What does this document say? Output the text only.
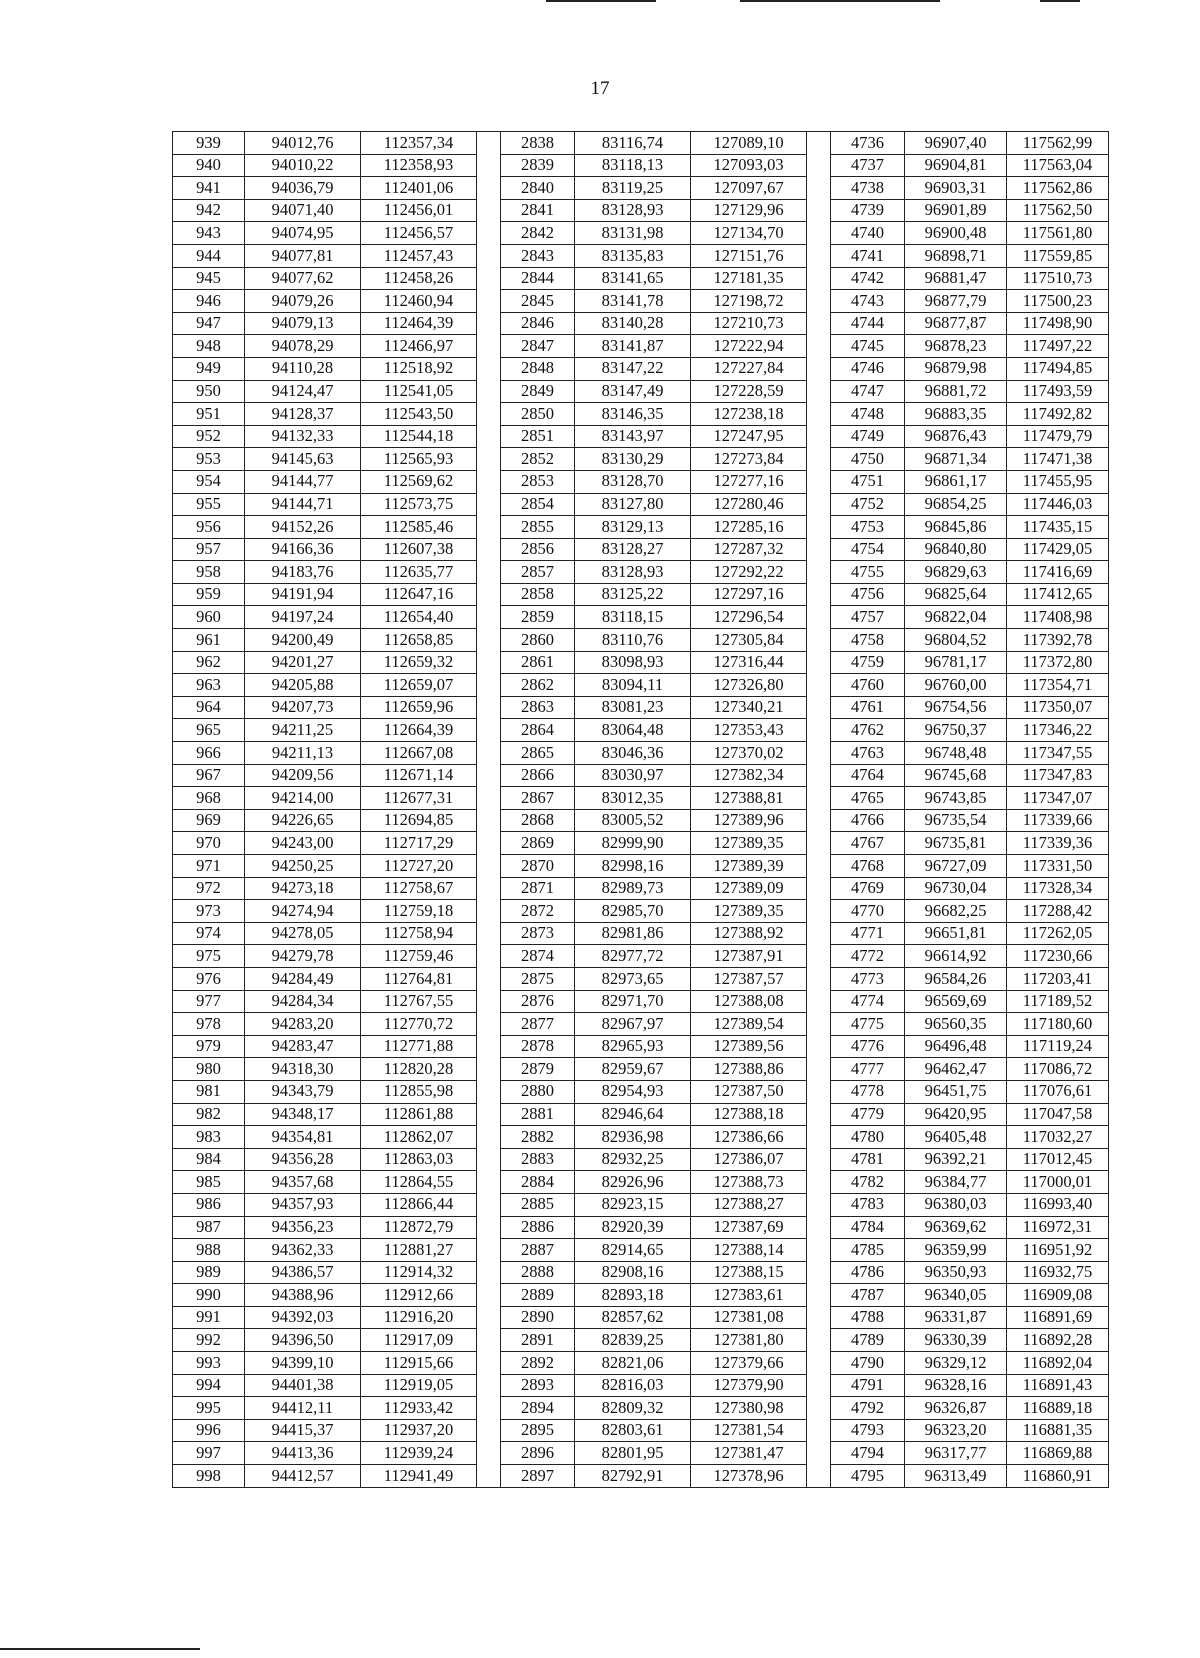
17
939	94012,76	112357,34		2838	83116,74	127089,10		4736	96907,40	117562,99
940	94010,22	112358,93		2839	83118,13	127093,03		4737	96904,81	117563,04
941	94036,79	112401,06		2840	83119,25	127097,67		4738	96903,31	117562,86
942	94071,40	112456,01		2841	83128,93	127129,96		4739	96901,89	117562,50
943	94074,95	112456,57		2842	83131,98	127134,70		4740	96900,48	117561,80
944	94077,81	112457,43		2843	83135,83	127151,76		4741	96898,71	117559,85
945	94077,62	112458,26		2844	83141,65	127181,35		4742	96881,47	117510,73
946	94079,26	112460,94		2845	83141,78	127198,72		4743	96877,79	117500,23
947	94079,13	112464,39		2846	83140,28	127210,73		4744	96877,87	117498,90
948	94078,29	112466,97		2847	83141,87	127222,94		4745	96878,23	117497,22
949	94110,28	112518,92		2848	83147,22	127227,84		4746	96879,98	117494,85
950	94124,47	112541,05		2849	83147,49	127228,59		4747	96881,72	117493,59
951	94128,37	112543,50		2850	83146,35	127238,18		4748	96883,35	117492,82
952	94132,33	112544,18		2851	83143,97	127247,95		4749	96876,43	117479,79
953	94145,63	112565,93		2852	83130,29	127273,84		4750	96871,34	117471,38
954	94144,77	112569,62		2853	83128,70	127277,16		4751	96861,17	117455,95
955	94144,71	112573,75		2854	83127,80	127280,46		4752	96854,25	117446,03
956	94152,26	112585,46		2855	83129,13	127285,16		4753	96845,86	117435,15
957	94166,36	112607,38		2856	83128,27	127287,32		4754	96840,80	117429,05
958	94183,76	112635,77		2857	83128,93	127292,22		4755	96829,63	117416,69
959	94191,94	112647,16		2858	83125,22	127297,16		4756	96825,64	117412,65
960	94197,24	112654,40		2859	83118,15	127296,54		4757	96822,04	117408,98
961	94200,49	112658,85		2860	83110,76	127305,84		4758	96804,52	117392,78
962	94201,27	112659,32		2861	83098,93	127316,44		4759	96781,17	117372,80
963	94205,88	112659,07		2862	83094,11	127326,80		4760	96760,00	117354,71
964	94207,73	112659,96		2863	83081,23	127340,21		4761	96754,56	117350,07
965	94211,25	112664,39		2864	83064,48	127353,43		4762	96750,37	117346,22
966	94211,13	112667,08		2865	83046,36	127370,02		4763	96748,48	117347,55
967	94209,56	112671,14		2866	83030,97	127382,34		4764	96745,68	117347,83
968	94214,00	112677,31		2867	83012,35	127388,81		4765	96743,85	117347,07
969	94226,65	112694,85		2868	83005,52	127389,96		4766	96735,54	117339,66
970	94243,00	112717,29		2869	82999,90	127389,35		4767	96735,81	117339,36
971	94250,25	112727,20		2870	82998,16	127389,39		4768	96727,09	117331,50
972	94273,18	112758,67		2871	82989,73	127389,09		4769	96730,04	117328,34
973	94274,94	112759,18		2872	82985,70	127389,35		4770	96682,25	117288,42
974	94278,05	112758,94		2873	82981,86	127388,92		4771	96651,81	117262,05
975	94279,78	112759,46		2874	82977,72	127387,91		4772	96614,92	117230,66
976	94284,49	112764,81		2875	82973,65	127387,57		4773	96584,26	117203,41
977	94284,34	112767,55		2876	82971,70	127388,08		4774	96569,69	117189,52
978	94283,20	112770,72		2877	82967,97	127389,54		4775	96560,35	117180,60
979	94283,47	112771,88		2878	82965,93	127389,56		4776	96496,48	117119,24
980	94318,30	112820,28		2879	82959,67	127388,86		4777	96462,47	117086,72
981	94343,79	112855,98		2880	82954,93	127387,50		4778	96451,75	117076,61
982	94348,17	112861,88		2881	82946,64	127388,18		4779	96420,95	117047,58
983	94354,81	112862,07		2882	82936,98	127386,66		4780	96405,48	117032,27
984	94356,28	112863,03		2883	82932,25	127386,07		4781	96392,21	117012,45
985	94357,68	112864,55		2884	82926,96	127388,73		4782	96384,77	117000,01
986	94357,93	112866,44		2885	82923,15	127388,27		4783	96380,03	116993,40
987	94356,23	112872,79		2886	82920,39	127387,69		4784	96369,62	116972,31
988	94362,33	112881,27		2887	82914,65	127388,14		4785	96359,99	116951,92
989	94386,57	112914,32		2888	82908,16	127388,15		4786	96350,93	116932,75
990	94388,96	112912,66		2889	82893,18	127383,61		4787	96340,05	116909,08
991	94392,03	112916,20		2890	82857,62	127381,08		4788	96331,87	116891,69
992	94396,50	112917,09		2891	82839,25	127381,80		4789	96330,39	116892,28
993	94399,10	112915,66		2892	82821,06	127379,66		4790	96329,12	116892,04
994	94401,38	112919,05		2893	82816,03	127379,90		4791	96328,16	116891,43
995	94412,11	112933,42		2894	82809,32	127380,98		4792	96326,87	116889,18
996	94415,37	112937,20		2895	82803,61	127381,54		4793	96323,20	116881,35
997	94413,36	112939,24		2896	82801,95	127381,47		4794	96317,77	116869,88
998	94412,57	112941,49		2897	82792,91	127378,96		4795	96313,49	116860,91
